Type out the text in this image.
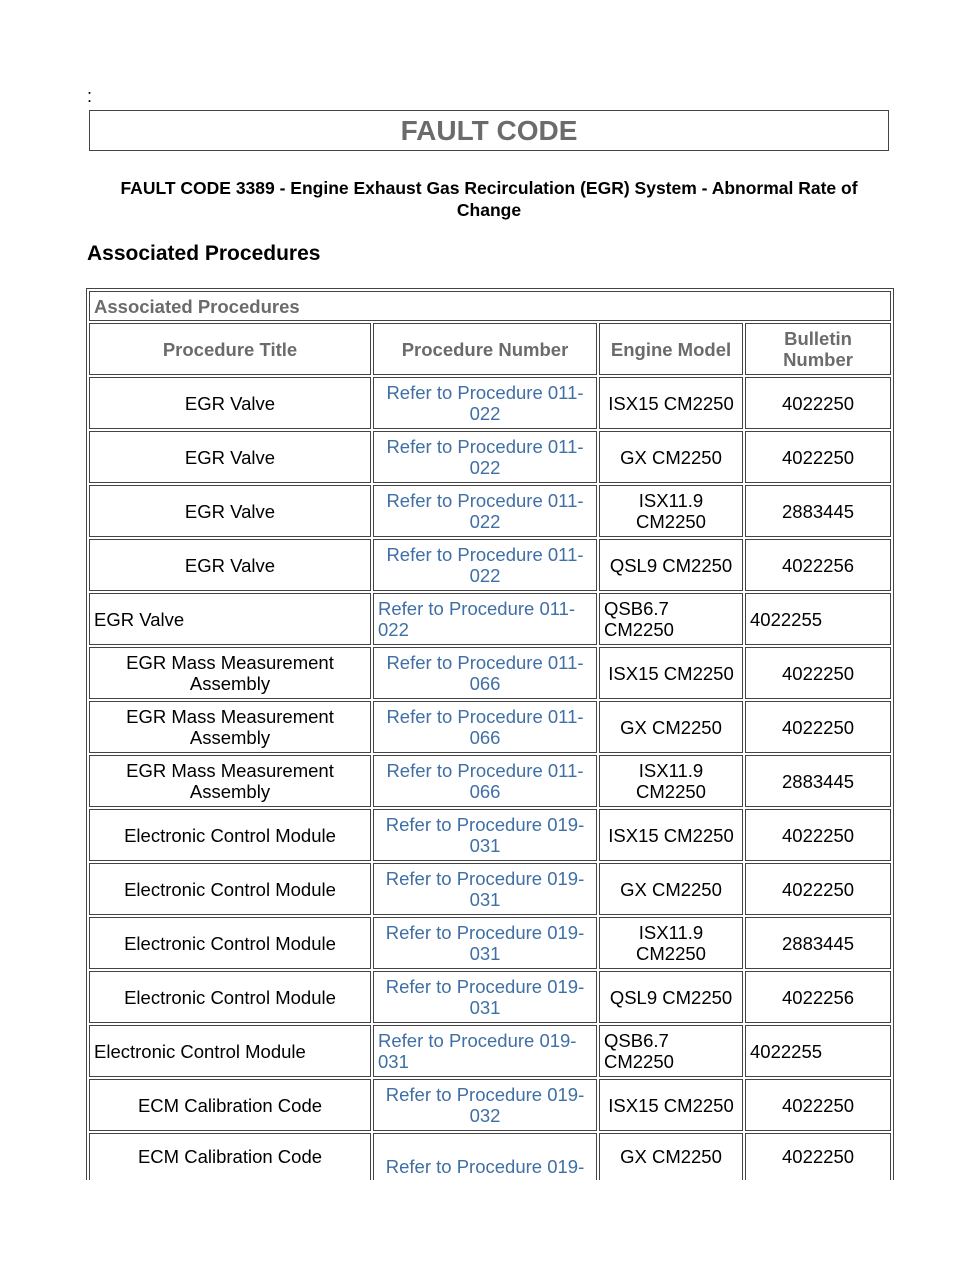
:
FAULT CODE
FAULT CODE 3389 - Engine Exhaust Gas Recirculation (EGR) System - Abnormal Rate of Change
Associated Procedures
Associated Procedures			
Procedure Title	Procedure Number	Engine Model	Bulletin Number
EGR Valve	Refer to Procedure 011-022	ISX15 CM2250	4022250
EGR Valve	Refer to Procedure 011-022	GX CM2250	4022250
EGR Valve	Refer to Procedure 011-022	ISX11.9 CM2250	2883445
EGR Valve	Refer to Procedure 011-022	QSL9 CM2250	4022256
EGR Valve	Refer to Procedure 011-022	QSB6.7 CM2250	4022255
EGR Mass Measurement Assembly	Refer to Procedure 011-066	ISX15 CM2250	4022250
EGR Mass Measurement Assembly	Refer to Procedure 011-066	GX CM2250	4022250
EGR Mass Measurement Assembly	Refer to Procedure 011-066	ISX11.9 CM2250	2883445
Electronic Control Module	Refer to Procedure 019-031	ISX15 CM2250	4022250
Electronic Control Module	Refer to Procedure 019-031	GX CM2250	4022250
Electronic Control Module	Refer to Procedure 019-031	ISX11.9 CM2250	2883445
Electronic Control Module	Refer to Procedure 019-031	QSL9 CM2250	4022256
Electronic Control Module	Refer to Procedure 019-031	QSB6.7 CM2250	4022255
ECM Calibration Code	Refer to Procedure 019-032	ISX15 CM2250	4022250
ECM Calibration Code	Refer to Procedure 019-	GX CM2250	4022250
